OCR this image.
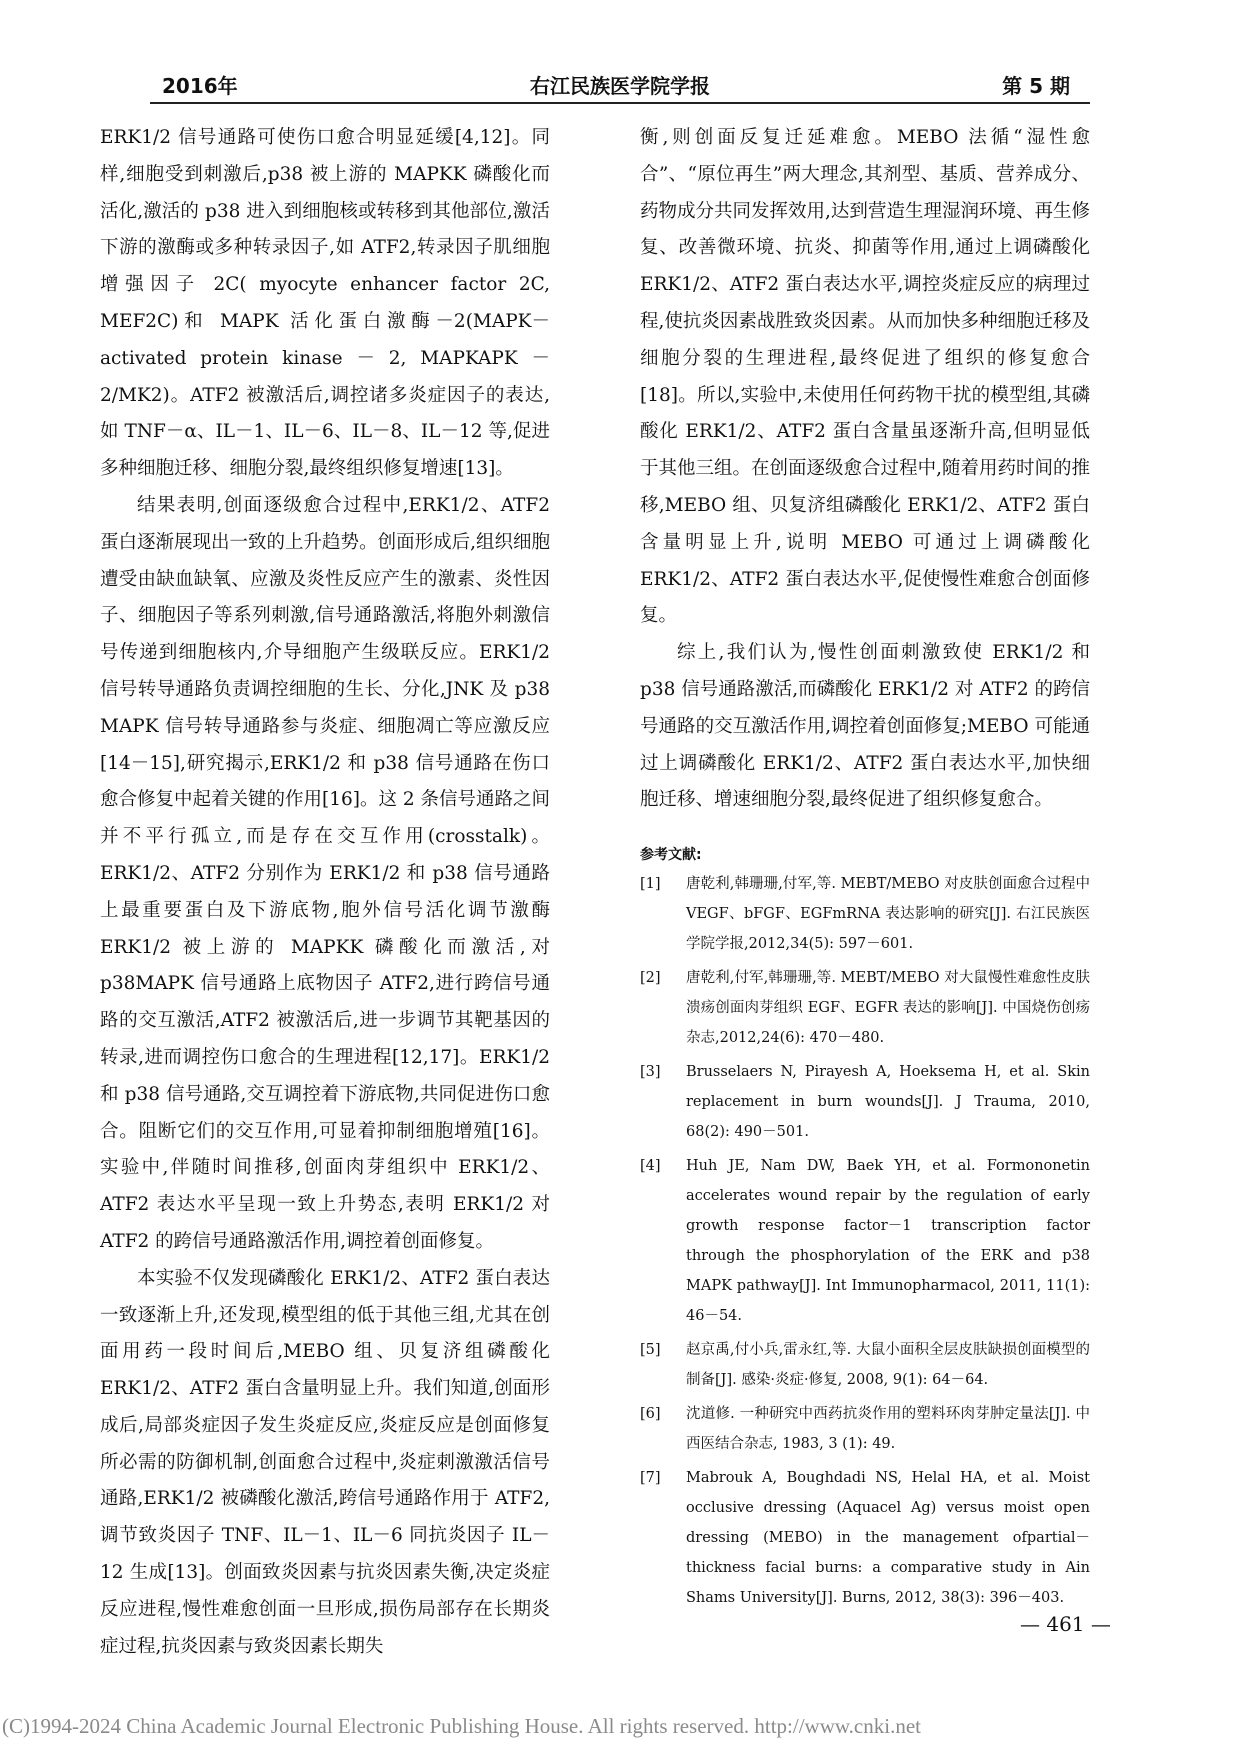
2016年	右江民族医学院学报	第 5 期

ERK1/2 信号通路可使伤口愈合明显延缓[4,12]。同样,细胞受到刺激后,p38 被上游的 MAPKK 磷酸化而活化,激活的 p38 进入到细胞核或转移到其他部位,激活下游的激酶或多种转录因子,如 ATF2,转录因子肌细胞增强因子 2C( myocyte enhancer factor 2C, MEF2C)和 MAPK 活化蛋白激酶－2(MAPK－activated protein kinase － 2, MAPKAPK － 2/MK2)。ATF2 被激活后,调控诸多炎症因子的表达,如 TNF－α、IL－1、IL－6、IL－8、IL－12 等,促进多种细胞迁移、细胞分裂,最终组织修复增速[13]。

结果表明,创面逐级愈合过程中,ERK1/2、ATF2 蛋白逐渐展现出一致的上升趋势。创面形成后,组织细胞遭受由缺血缺氧、应激及炎性反应产生的激素、炎性因子、细胞因子等系列刺激,信号通路激活,将胞外刺激信号传递到细胞核内,介导细胞产生级联反应。ERK1/2 信号转导通路负责调控细胞的生长、分化,JNK 及 p38 MAPK 信号转导通路参与炎症、细胞凋亡等应激反应[14－15],研究揭示,ERK1/2 和 p38 信号通路在伤口愈合修复中起着关键的作用[16]。这 2 条信号通路之间并不平行孤立,而是存在交互作用(crosstalk)。ERK1/2、ATF2 分别作为 ERK1/2 和 p38 信号通路上最重要蛋白及下游底物,胞外信号活化调节激酶 ERK1/2 被上游的 MAPKK 磷酸化而激活,对 p38MAPK 信号通路上底物因子 ATF2,进行跨信号通路的交互激活,ATF2 被激活后,进一步调节其靶基因的转录,进而调控伤口愈合的生理进程[12,17]。ERK1/2 和 p38 信号通路,交互调控着下游底物,共同促进伤口愈合。阻断它们的交互作用,可显着抑制细胞增殖[16]。实验中,伴随时间推移,创面肉芽组织中 ERK1/2、ATF2 表达水平呈现一致上升势态,表明 ERK1/2 对 ATF2 的跨信号通路激活作用,调控着创面修复。

本实验不仅发现磷酸化 ERK1/2、ATF2 蛋白表达一致逐渐上升,还发现,模型组的低于其他三组,尤其在创面用药一段时间后,MEBO 组、贝复济组磷酸化 ERK1/2、ATF2 蛋白含量明显上升。我们知道,创面形成后,局部炎症因子发生炎症反应,炎症反应是创面修复所必需的防御机制,创面愈合过程中,炎症刺激激活信号通路,ERK1/2 被磷酸化激活,跨信号通路作用于 ATF2,调节致炎因子 TNF、IL－1、IL－6 同抗炎因子 IL－12 生成[13]。创面致炎因素与抗炎因素失衡,决定炎症反应进程,慢性难愈创面一旦形成,损伤局部存在长期炎症过程,抗炎因素与致炎因素长期失

衡,则创面反复迁延难愈。MEBO 法循“湿性愈合”、“原位再生”两大理念,其剂型、基质、营养成分、药物成分共同发挥效用,达到营造生理湿润环境、再生修复、改善微环境、抗炎、抑菌等作用,通过上调磷酸化 ERK1/2、ATF2 蛋白表达水平,调控炎症反应的病理过程,使抗炎因素战胜致炎因素。从而加快多种细胞迁移及细胞分裂的生理进程,最终促进了组织的修复愈合[18]。所以,实验中,未使用任何药物干扰的模型组,其磷酸化 ERK1/2、ATF2 蛋白含量虽逐渐升高,但明显低于其他三组。在创面逐级愈合过程中,随着用药时间的推移,MEBO 组、贝复济组磷酸化 ERK1/2、ATF2 蛋白含量明显上升,说明 MEBO 可通过上调磷酸化 ERK1/2、ATF2 蛋白表达水平,促使慢性难愈合创面修复。

综上,我们认为,慢性创面刺激致使 ERK1/2 和 p38 信号通路激活,而磷酸化 ERK1/2 对 ATF2 的跨信号通路的交互激活作用,调控着创面修复;MEBO 可能通过上调磷酸化 ERK1/2、ATF2 蛋白表达水平,加快细胞迁移、增速细胞分裂,最终促进了组织修复愈合。

参考文献:
[1] 唐乾利,韩珊珊,付军,等. MEBT/MEBO 对皮肤创面愈合过程中 VEGF、bFGF、EGFmRNA 表达影响的研究[J]. 右江民族医学院学报,2012,34(5): 597－601.
[2] 唐乾利,付军,韩珊珊,等. MEBT/MEBO 对大鼠慢性难愈性皮肤溃疡创面肉芽组织 EGF、EGFR 表达的影响[J]. 中国烧伤创疡杂志,2012,24(6): 470－480.
[3] Brusselaers N, Pirayesh A, Hoeksema H, et al. Skin replacement in burn wounds[J]. J Trauma, 2010, 68(2): 490－501.
[4] Huh JE, Nam DW, Baek YH, et al. Formononetin accelerates wound repair by the regulation of early growth response factor－1 transcription factor through the phosphorylation of the ERK and p38 MAPK pathway[J]. Int Immunopharmacol, 2011, 11(1): 46－54.
[5] 赵京禹,付小兵,雷永红,等. 大鼠小面积全层皮肤缺损创面模型的制备[J]. 感染·炎症·修复, 2008, 9(1): 64－64.
[6] 沈道修. 一种研究中西药抗炎作用的塑料环肉芽肿定量法[J]. 中西医结合杂志, 1983, 3 (1): 49.
[7] Mabrouk A, Boughdadi NS, Helal HA, et al. Moist occlusive dressing (Aquacel Ag) versus moist open dressing (MEBO) in the management ofpartial－ thickness facial burns: a comparative study in Ain Shams University[J]. Burns, 2012, 38(3): 396－403.
— 461 —
(C)1994-2024 China Academic Journal Electronic Publishing House. All rights reserved. http://www.cnki.net
